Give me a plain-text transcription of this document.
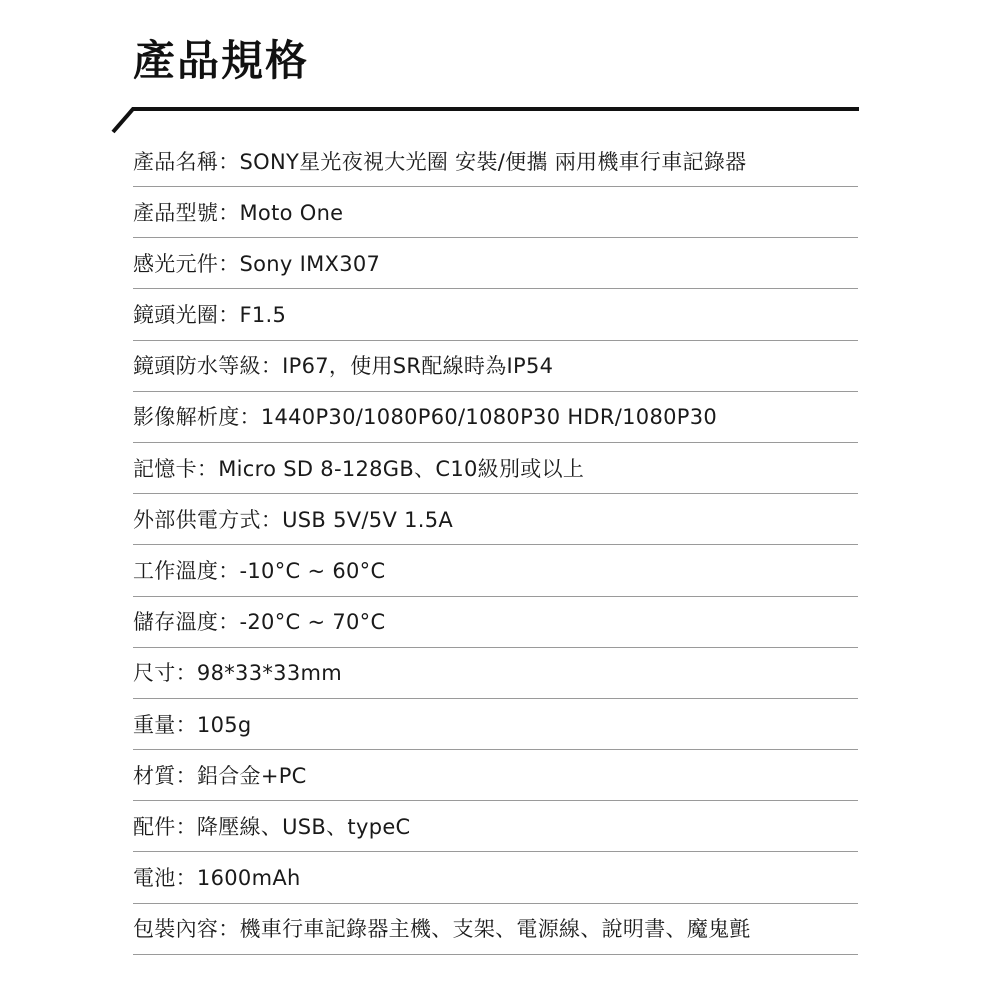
產品規格
產品名稱 ： SONY星光夜視大光圈 安裝/便攜 兩用機車行車記錄器
產品型號 ： Moto One
感光元件 ： Sony IMX307
鏡頭光圈 ： F1.5
鏡頭防水等級 ： IP67，使用SR配線時為IP54
影像解析度 ： 1440P30/1080P60/1080P30 HDR/1080P30
記憶卡 ： Micro SD 8-128GB、C10級別或以上
外部供電方式 ： USB 5V/5V 1.5A
工作溫度 ： -10°C ~ 60°C
儲存溫度 ： -20°C ~ 70°C
尺寸 ： 98*33*33mm
重量 ： 105g
材質 ： 鋁合金+PC
配件 ： 降壓線、USB、typeC
電池 ： 1600mAh
包裝內容 ： 機車行車記錄器主機、支架、電源線、說明書、魔鬼氈
